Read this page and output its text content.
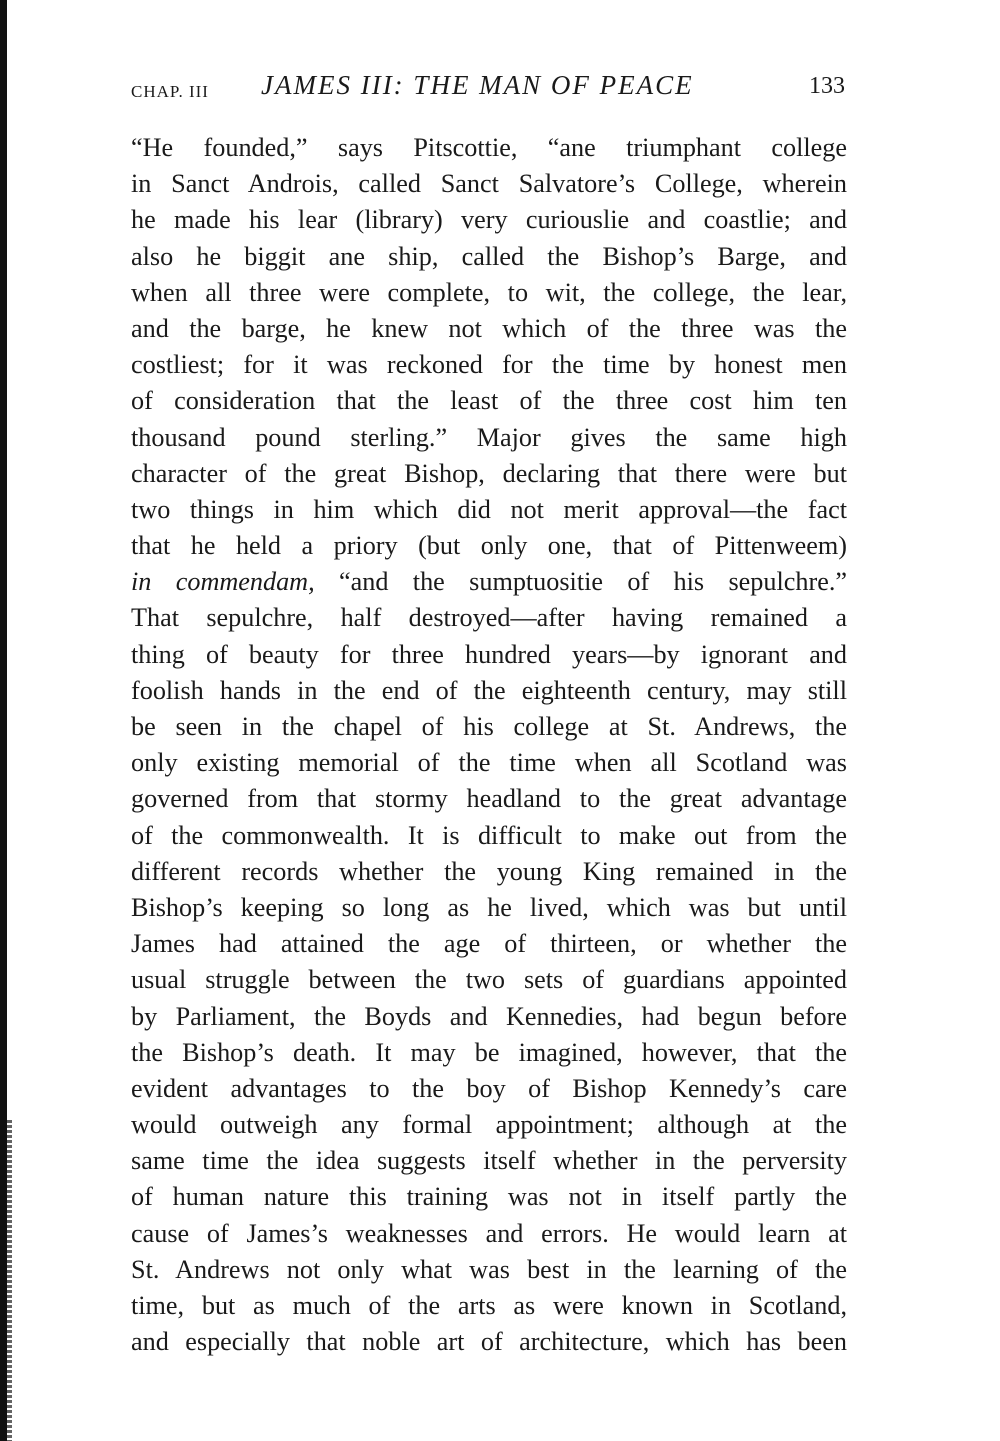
CHAP. III JAMES III: THE MAN OF PEACE	133
“He founded,” says Pitscottie, “ane triumphant college
in Sanct Androis, called Sanct Salvatore’s College, wherein
he made his lear (library) very curiouslie and coastlie; and
also he biggit ane ship, called the Bishop’s Barge, and
when all three were complete, to wit, the college, the lear,
and the barge, he knew not which of the three was the
costliest; for it was reckoned for the time by honest men
of consideration that the least of the three cost him ten
thousand pound sterling.” Major gives the same high
character of the great Bishop, declaring that there were but
two things in him which did not merit approval—the fact
that he held a priory (but only one, that of Pittenweem)
in commendam, “and the sumptuositie of his sepulchre.”
That sepulchre, half destroyed—after having remained a
thing of beauty for three hundred years—by ignorant and
foolish hands in the end of the eighteenth century, may still
be seen in the chapel of his college at St. Andrews, the
only existing memorial of the time when all Scotland was
governed from that stormy headland to the great advantage
of the commonwealth. It is difficult to make out from the
different records whether the young King remained in the
Bishop’s keeping so long as he lived, which was but until
James had attained the age of thirteen, or whether the
usual struggle between the two sets of guardians appointed
by Parliament, the Boyds and Kennedies, had begun before
the Bishop’s death. It may be imagined, however, that the
evident advantages to the boy of Bishop Kennedy’s care
would outweigh any formal appointment; although at the
same time the idea suggests itself whether in the perversity
of human nature this training was not in itself partly the
cause of James’s weaknesses and errors. He would learn at
St. Andrews not only what was best in the learning of the
time, but as much of the arts as were known in Scotland,
and especially that noble art of architecture, which has been
